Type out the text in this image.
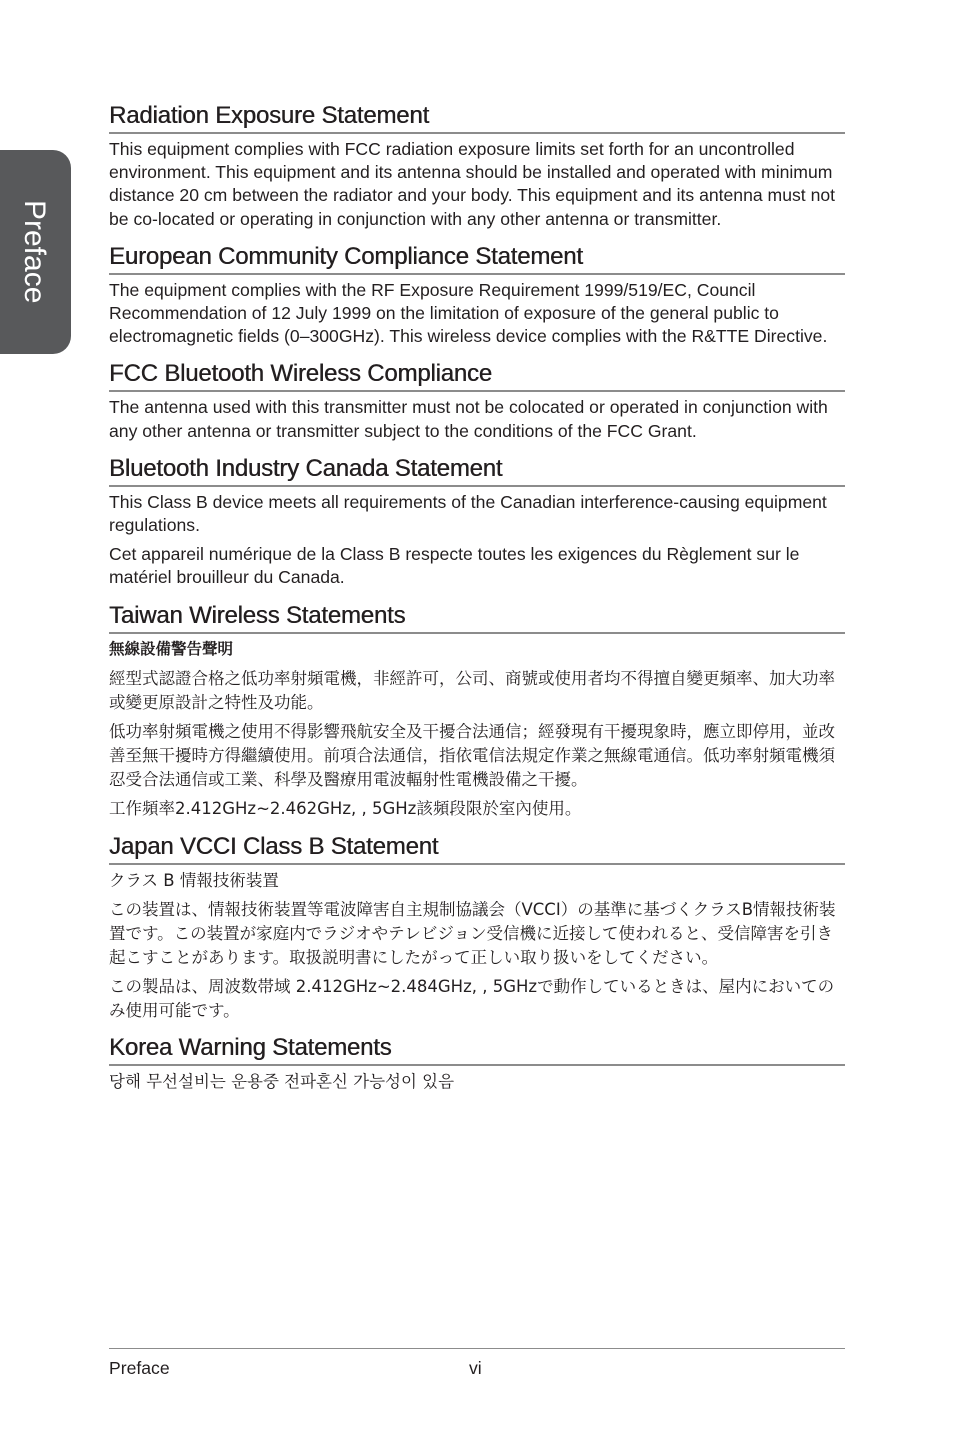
Preface
Radiation Exposure Statement

This equipment complies with FCC radiation exposure limits set forth for an uncontrolled environment. This equipment and its antenna should be installed and operated with minimum distance 20 cm between the radiator and your body. This equipment and its antenna must not be co-located or operating in conjunction with any other antenna or transmitter.

European Community Compliance Statement

The equipment complies with the RF Exposure Requirement 1999/519/EC, Council Recommendation of 12 July 1999 on the limitation of exposure of the general public to electromagnetic fields (0–300GHz). This wireless device complies with the R&TTE Directive.

FCC Bluetooth Wireless Compliance

The antenna used with this transmitter must not be colocated or operated in conjunction with any other antenna or transmitter subject to the conditions of the FCC Grant.

Bluetooth Industry Canada Statement

This Class B device meets all requirements of the Canadian interference-causing equipment regulations.

Cet appareil numérique de la Class B respecte toutes les exigences du Règlement sur le matériel brouilleur du Canada.

Taiwan Wireless Statements

無線設備警告聲明

經型式認證合格之低功率射頻電機，非經許可，公司、商號或使用者均不得擅自變更頻率、加大功率或變更原設計之特性及功能。

低功率射頻電機之使用不得影響飛航安全及干擾合法通信；經發現有干擾現象時，應立即停用，並改善至無干擾時方得繼續使用。前項合法通信，指依電信法規定作業之無線電通信。低功率射頻電機須忍受合法通信或工業、科學及醫療用電波輻射性電機設備之干擾。

工作頻率2.412GHz~2.462GHz, , 5GHz該頻段限於室內使用。

Japan VCCI Class B Statement

クラス B 情報技術装置

この装置は、情報技術装置等電波障害自主規制協議会（VCCI）の基準に基づくクラスB情報技術装置です。この装置が家庭内でラジオやテレビジョン受信機に近接して使われると、受信障害を引き起こすことがあります。取扱説明書にしたがって正しい取り扱いをしてください。

この製品は、周波数帯域 2.412GHz~2.484GHz, , 5GHzで動作しているときは、屋内においてのみ使用可能です。

Korea Warning Statements

당해 무선설비는 운용중 전파혼신 가능성이 있음

Preface	vi
